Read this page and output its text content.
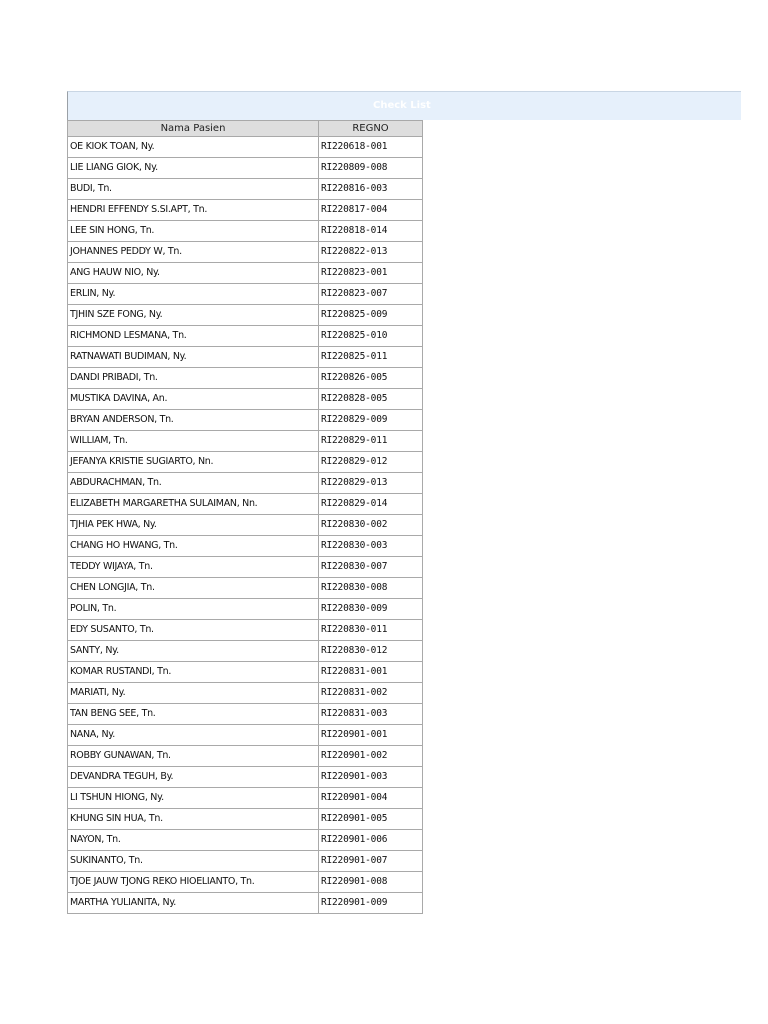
Check List
Nama Pasien	REGNO
OE KIOK TOAN, Ny.	RI220618-001
LIE LIANG GIOK, Ny.	RI220809-008
BUDI, Tn.	RI220816-003
HENDRI EFFENDY S.SI.APT, Tn.	RI220817-004
LEE SIN HONG, Tn.	RI220818-014
JOHANNES PEDDY W, Tn.	RI220822-013
ANG HAUW NIO, Ny.	RI220823-001
ERLIN, Ny.	RI220823-007
TJHIN SZE FONG, Ny.	RI220825-009
RICHMOND LESMANA, Tn.	RI220825-010
RATNAWATI BUDIMAN, Ny.	RI220825-011
DANDI PRIBADI, Tn.	RI220826-005
MUSTIKA DAVINA, An.	RI220828-005
BRYAN ANDERSON, Tn.	RI220829-009
WILLIAM, Tn.	RI220829-011
JEFANYA KRISTIE SUGIARTO, Nn.	RI220829-012
ABDURACHMAN, Tn.	RI220829-013
ELIZABETH MARGARETHA SULAIMAN, Nn.	RI220829-014
TJHIA PEK HWA, Ny.	RI220830-002
CHANG HO HWANG, Tn.	RI220830-003
TEDDY WIJAYA, Tn.	RI220830-007
CHEN LONGJIA, Tn.	RI220830-008
POLIN, Tn.	RI220830-009
EDY SUSANTO, Tn.	RI220830-011
SANTY, Ny.	RI220830-012
KOMAR RUSTANDI, Tn.	RI220831-001
MARIATI, Ny.	RI220831-002
TAN BENG SEE, Tn.	RI220831-003
NANA, Ny.	RI220901-001
ROBBY GUNAWAN, Tn.	RI220901-002
DEVANDRA TEGUH, By.	RI220901-003
LI TSHUN HIONG, Ny.	RI220901-004
KHUNG SIN HUA, Tn.	RI220901-005
NAYON, Tn.	RI220901-006
SUKINANTO, Tn.	RI220901-007
TJOE JAUW TJONG REKO HIOELIANTO, Tn.	RI220901-008
MARTHA YULIANITA, Ny.	RI220901-009
